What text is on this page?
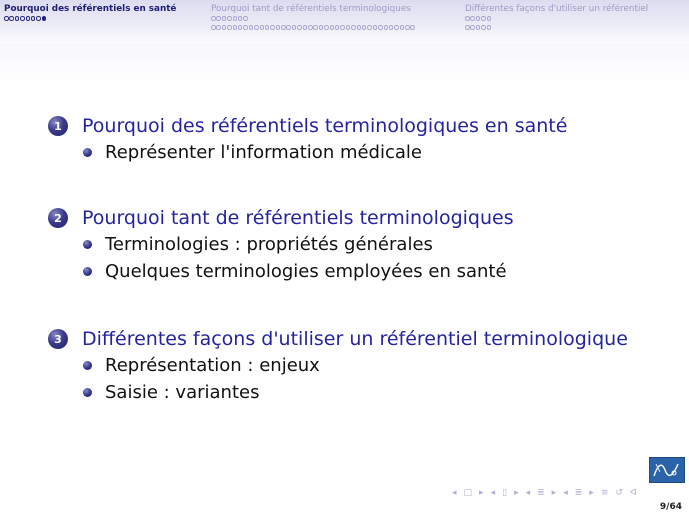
Pourquoi des référentiels en santé	Pourquoi tant de référentiels terminologiques	Différentes façons d'utiliser un référentiel
1	Pourquoi des référentiels terminologiques en santé
Représenter l'information médicale
2	Pourquoi tant de référentiels terminologiques
Terminologies : propriétés générales
Quelques terminologies employées en santé
3	Différentes façons d'utiliser un référentiel terminologique
Représentation : enjeux
Saisie : variantes
◂ □ ▸ ◂ ▯ ▸ ◂ ≣ ▸ ◂ ≣ ▸ ≡ ↺ ᐊ
9/64
